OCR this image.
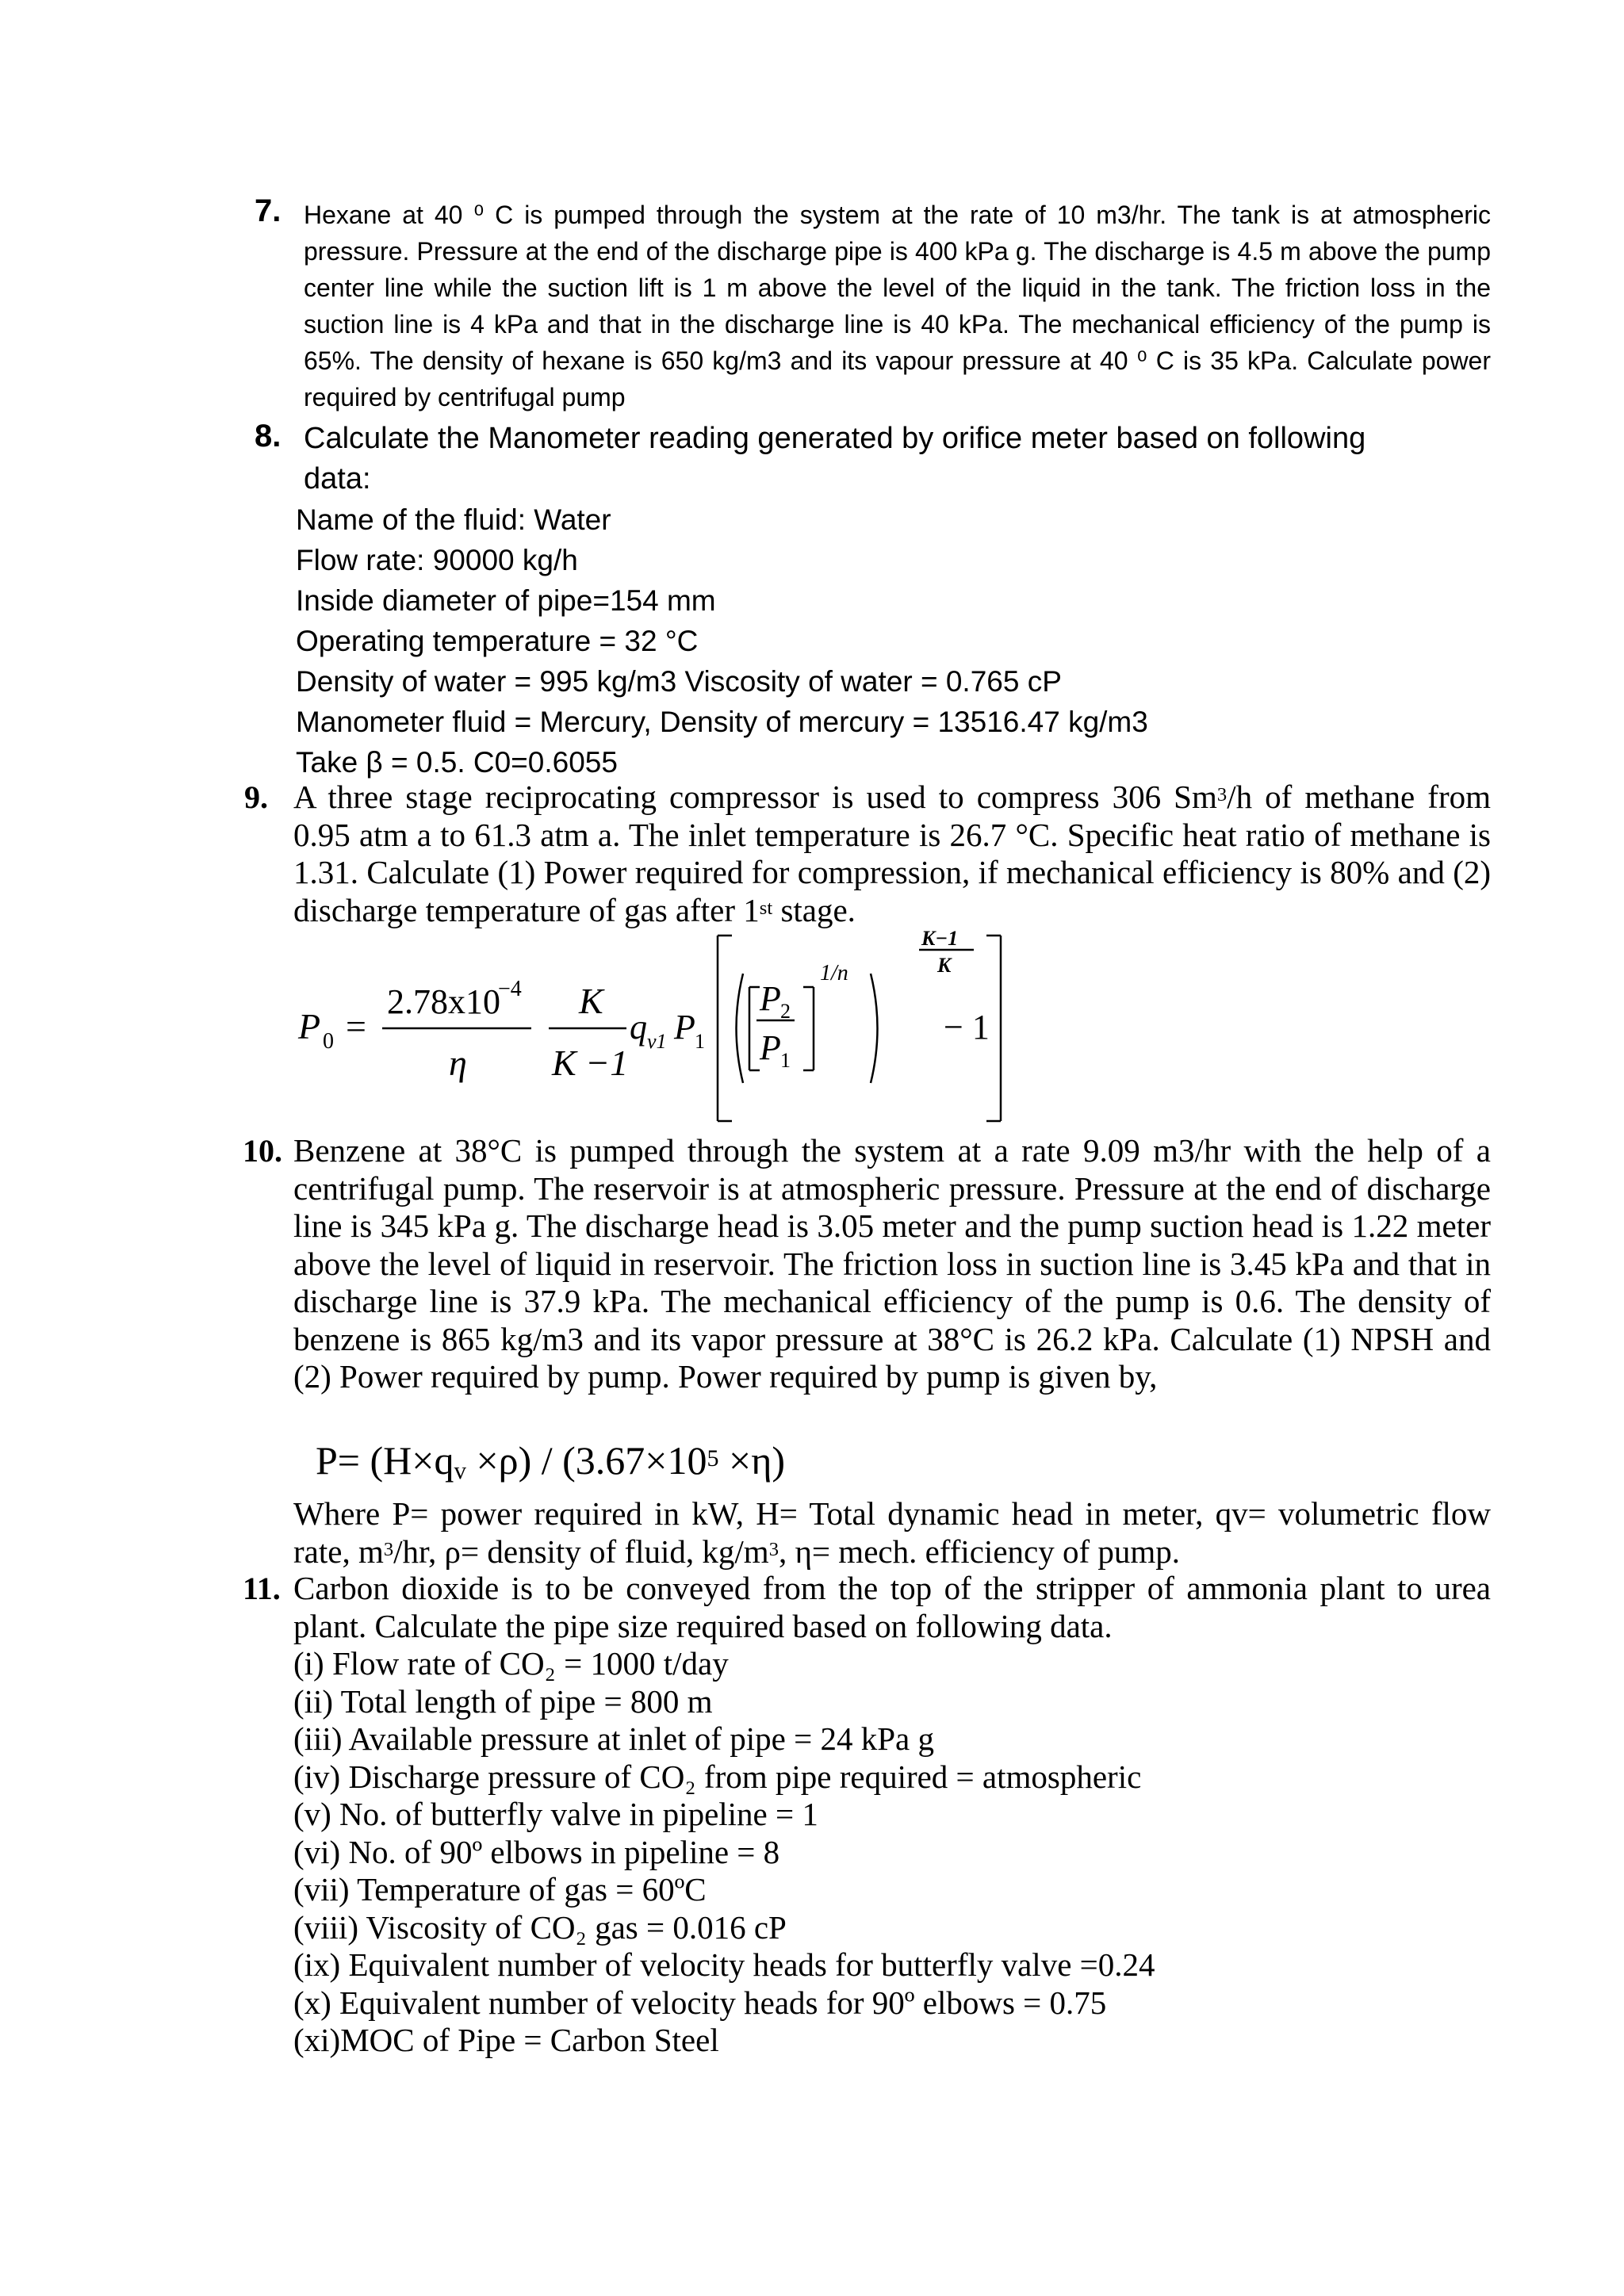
7. Hexane at 40 ⁰ C is pumped through the system at the rate of 10 m3/hr. The tank is at atmospheric pressure. Pressure at the end of the discharge pipe is 400 kPa g. The discharge is 4.5 m above the pump center line while the suction lift is 1 m above the level of the liquid in the tank. The friction loss in the suction line is 4 kPa and that in the discharge line is 40 kPa. The mechanical efficiency of the pump is 65%. The density of hexane is 650 kg/m3 and its vapour pressure at 40 ⁰ C is 35 kPa. Calculate power required by centrifugal pump

8. Calculate the Manometer reading generated by orifice meter based on following

data:

Name of the fluid: Water

Flow rate: 90000 kg/h

Inside diameter of pipe=154 mm

Operating temperature = 32 °C

Density of water = 995 kg/m3 Viscosity of water = 0.765 cP

Manometer fluid = Mercury, Density of mercury = 13516.47 kg/m3

Take β = 0.5. C0=0.6055

9. A three stage reciprocating compressor is used to compress 306 Sm$^3$/h of methane from 0.95 atm a to 61.3 atm a. The inlet temperature is 26.7 °C. Specific heat ratio of methane is 1.31. Calculate (1) Power required for compression, if mechanical efficiency is 80% and (2) discharge temperature of gas after 1st stage.

P 0 =
2.78x10
−4
η
K
K −1
q v1 P 1
P 2
P 1
1/n
K−1
K
− 1
10. Benzene at 38°C is pumped through the system at a rate 9.09 m3/hr with the help of a centrifugal pump. The reservoir is at atmospheric pressure. Pressure at the end of discharge line is 345 kPa g. The discharge head is 3.05 meter and the pump suction head is 1.22 meter above the level of liquid in reservoir. The friction loss in suction line is 3.45 kPa and that in discharge line is 37.9 kPa. The mechanical efficiency of the pump is 0.6. The density of benzene is 865 kg/m3 and its vapor pressure at 38°C is 26.2 kPa. Calculate (1) NPSH and (2) Power required by pump. Power required by pump is given by,

$P= (H\times q_v \times\rho) / (3.67\times 10^5 \times\eta)$

Where P= power required in kW, H= Total dynamic head in meter, qv= volumetric flow rate, $m^3/hr$, ρ= density of fluid, $kg/m^3$, η= mech. efficiency of pump.

11. Carbon dioxide is to be conveyed from the top of the stripper of ammonia plant to urea plant. Calculate the pipe size required based on following data.

(i) Flow rate of CO₂ = 1000 t/day

(ii) Total length of pipe = 800 m

(iii) Available pressure at inlet of pipe = 24 kPa g

(iv) Discharge pressure of CO₂ from pipe required = atmospheric

(v) No. of butterfly valve in pipeline = 1

(vi) No. of 90º elbows in pipeline = 8

(vii) Temperature of gas = 60ºC

(viii) Viscosity of CO₂ gas = 0.016 cP

(ix) Equivalent number of velocity heads for butterfly valve =0.24

(x) Equivalent number of velocity heads for 90º elbows = 0.75

(xi)MOC of Pipe = Carbon Steel
